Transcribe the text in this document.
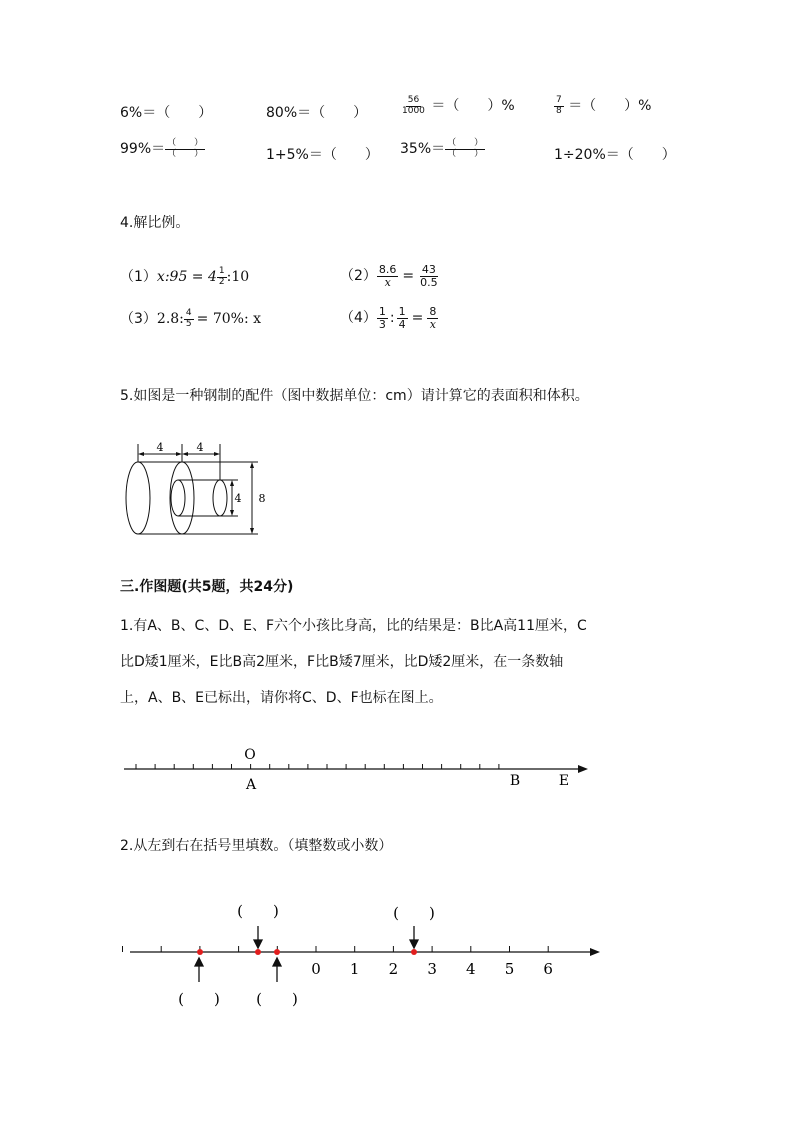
6%＝（　　）	80%＝（　　）	$\frac{56}{1000}$ ＝（　　）%	$\frac{7}{8}$ ＝（　　）%
$99\%= \frac{( )}{( )}$	1+5%＝（　　） $35\%= \frac{( )}{( )}$	1÷20%＝（　　）
4.解比例。
（1）x:95 = $4 \frac{1}{2}$ :10	$(2) \frac{8.6}{x} = \frac{43}{0.5}$
（3）2.8: $\frac{4}{5} = 70\%$: x	$(4) \frac{1}{3}$ : $\frac{1}{4} = \frac{8}{x}$
5.如图是一种钢制的配件（图中数据单位：cm）请计算它的表面积和体积。
4	4
4 8
三.作图题(共5题，共24分)
1.有A、B、C、D、E、F六个小孩比身高，比的结果是：B比A高11厘米，C
比D矮1厘米，E比B高2厘米，F比B矮7厘米，比D矮2厘米，在一条数轴
上，A、B、E已标出，请你将C、D、F也标在图上。
O
A	B	E
2.从左到右在括号里填数。（填整数或小数）
0 1 2 3 4 5 6
(　　)	(　　)
(　　) (　　)
